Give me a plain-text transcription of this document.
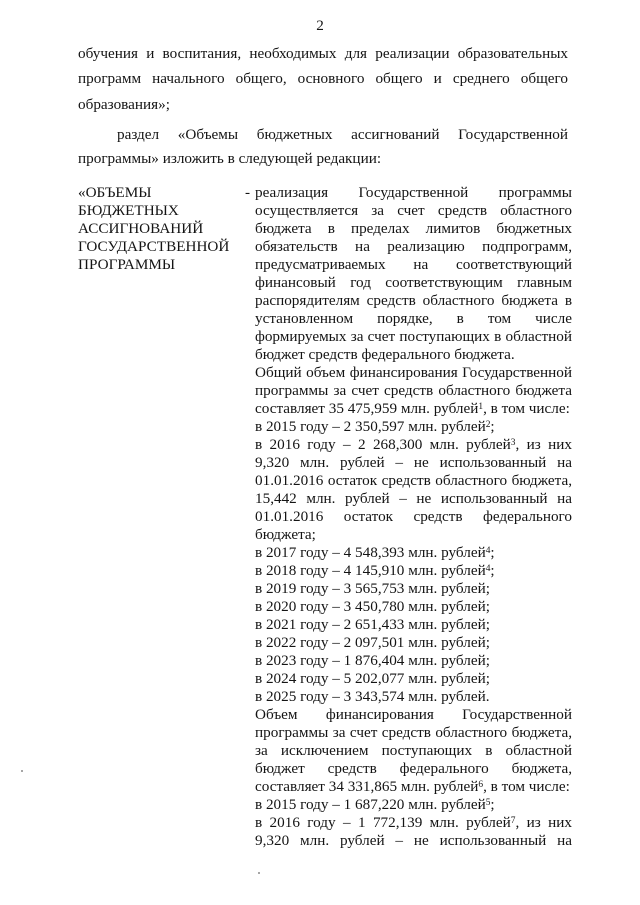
2
обучения и воспитания, необходимых для реализации образовательных
программ начального общего, основного общего и среднего общего
образования»;
раздел «Объемы бюджетных ассигнований Государственной
программы» изложить в следующей редакции:
«ОБЪЕМЫ
БЮДЖЕТНЫХ
АССИГНОВАНИЙ
ГОСУДАРСТВЕННОЙ
ПРОГРАММЫ
- реализация Государственной программы
осуществляется за счет средств областного
бюджета в пределах лимитов бюджетных
обязательств на реализацию подпрограмм,
предусматриваемых на соответствующий
финансовый год соответствующим главным
распорядителям средств областного бюджета в
установленном порядке, в том числе
формируемых за счет поступающих в областной
бюджет средств федерального бюджета.
Общий объем финансирования Государственной
программы за счет средств областного бюджета
составляет 35 475,959 млн. рублей$^1$, в том числе:
в 2015 году – 2 350,597 млн. рублей$^2$;
в 2016 году – 2 268,300 млн. рублей$^3$, из них
9,320 млн. рублей – не использованный на
01.01.2016 остаток средств областного бюджета,
15,442 млн. рублей – не использованный на
01.01.2016 остаток средств федерального
бюджета;
в 2017 году – 4 548,393 млн. рублей$^4$;
в 2018 году – 4 145,910 млн. рублей$^4$;
в 2019 году – 3 565,753 млн. рублей;
в 2020 году – 3 450,780 млн. рублей;
в 2021 году – 2 651,433 млн. рублей;
в 2022 году – 2 097,501 млн. рублей;
в 2023 году – 1 876,404 млн. рублей;
в 2024 году – 5 202,077 млн. рублей;
в 2025 году – 3 343,574 млн. рублей.
Объем финансирования Государственной
программы за счет средств областного бюджета,
за исключением поступающих в областной
бюджет средств федерального бюджета,
составляет 34 331,865 млн. рублей$^6$, в том числе:
в 2015 году – 1 687,220 млн. рублей$^5$;
в 2016 году – 1 772,139 млн. рублей$^7$, из них
9,320 млн. рублей – не использованный на
